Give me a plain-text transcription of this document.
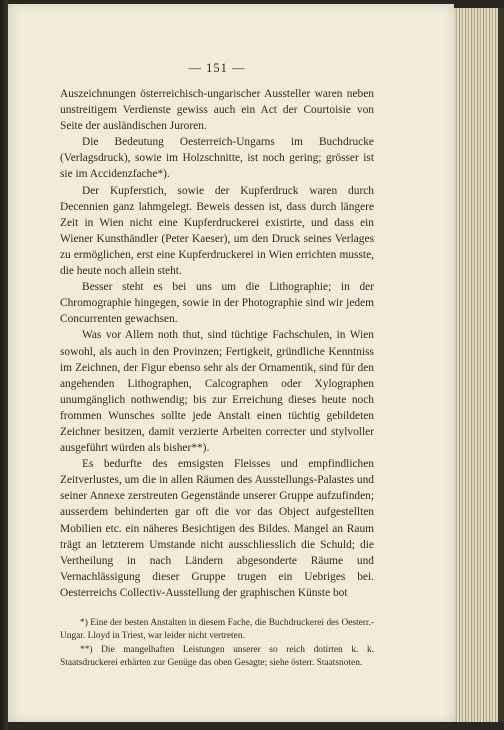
— 151 —

Auszeichnungen österreichisch-ungarischer Aussteller waren neben unstreitigem Verdienste gewiss auch ein Act der Courtoisie von Seite der ausländischen Juroren.

Die Bedeutung Oesterreich-Ungarns im Buchdrucke (Verlagsdruck), sowie im Holzschnitte, ist noch gering; grösser ist sie im Accidenzfache*).

Der Kupferstich, sowie der Kupferdruck waren durch Decennien ganz lahmgelegt. Beweis dessen ist, dass durch längere Zeit in Wien nicht eine Kupferdruckerei existirte, und dass ein Wiener Kunsthändler (Peter Kaeser), um den Druck seines Verlages zu ermöglichen, erst eine Kupferdruckerei in Wien errichten musste, die heute noch allein steht.

Besser steht es bei uns um die Lithographie; in der Chromographie hingegen, sowie in der Photographie sind wir jedem Concurrenten gewachsen.

Was vor Allem noth thut, sind tüchtige Fachschulen, in Wien sowohl, als auch in den Provinzen; Fertigkeit, gründliche Kenntniss im Zeichnen, der Figur ebenso sehr als der Ornamentik, sind für den angehenden Lithographen, Calcographen oder Xylographen unumgänglich nothwendig; bis zur Erreichung dieses heute noch frommen Wunsches sollte jede Anstalt einen tüchtig gebildeten Zeichner besitzen, damit verzierte Arbeiten correcter und stylvoller ausgeführt würden als bisher**).

Es bedurfte des emsigsten Fleisses und empfindlichen Zeitverlustes, um die in allen Räumen des Ausstellungs-Palastes und seiner Annexe zerstreuten Gegenstände unserer Gruppe aufzufinden; ausserdem behinderten gar oft die vor das Object aufgestellten Mobilien etc. ein näheres Besichtigen des Bildes. Mangel an Raum trägt an letzterem Umstande nicht ausschliesslich die Schuld; die Vertheilung in nach Ländern abgesonderte Räume und Vernachlässigung dieser Gruppe trugen ein Uebriges bei. Oesterreichs Collectiv-Ausstellung der graphischen Künste bot

*) Eine der besten Anstalten in diesem Fache, die Buchdruckerei des Oesterr.-Ungar. Lloyd in Triest, war leider nicht vertreten.

**) Die mangelhaften Leistungen unserer so reich dotirten k. k. Staatsdruckerei erhärten zur Genüge das oben Gesagte; siehe österr. Staatsnoten.
